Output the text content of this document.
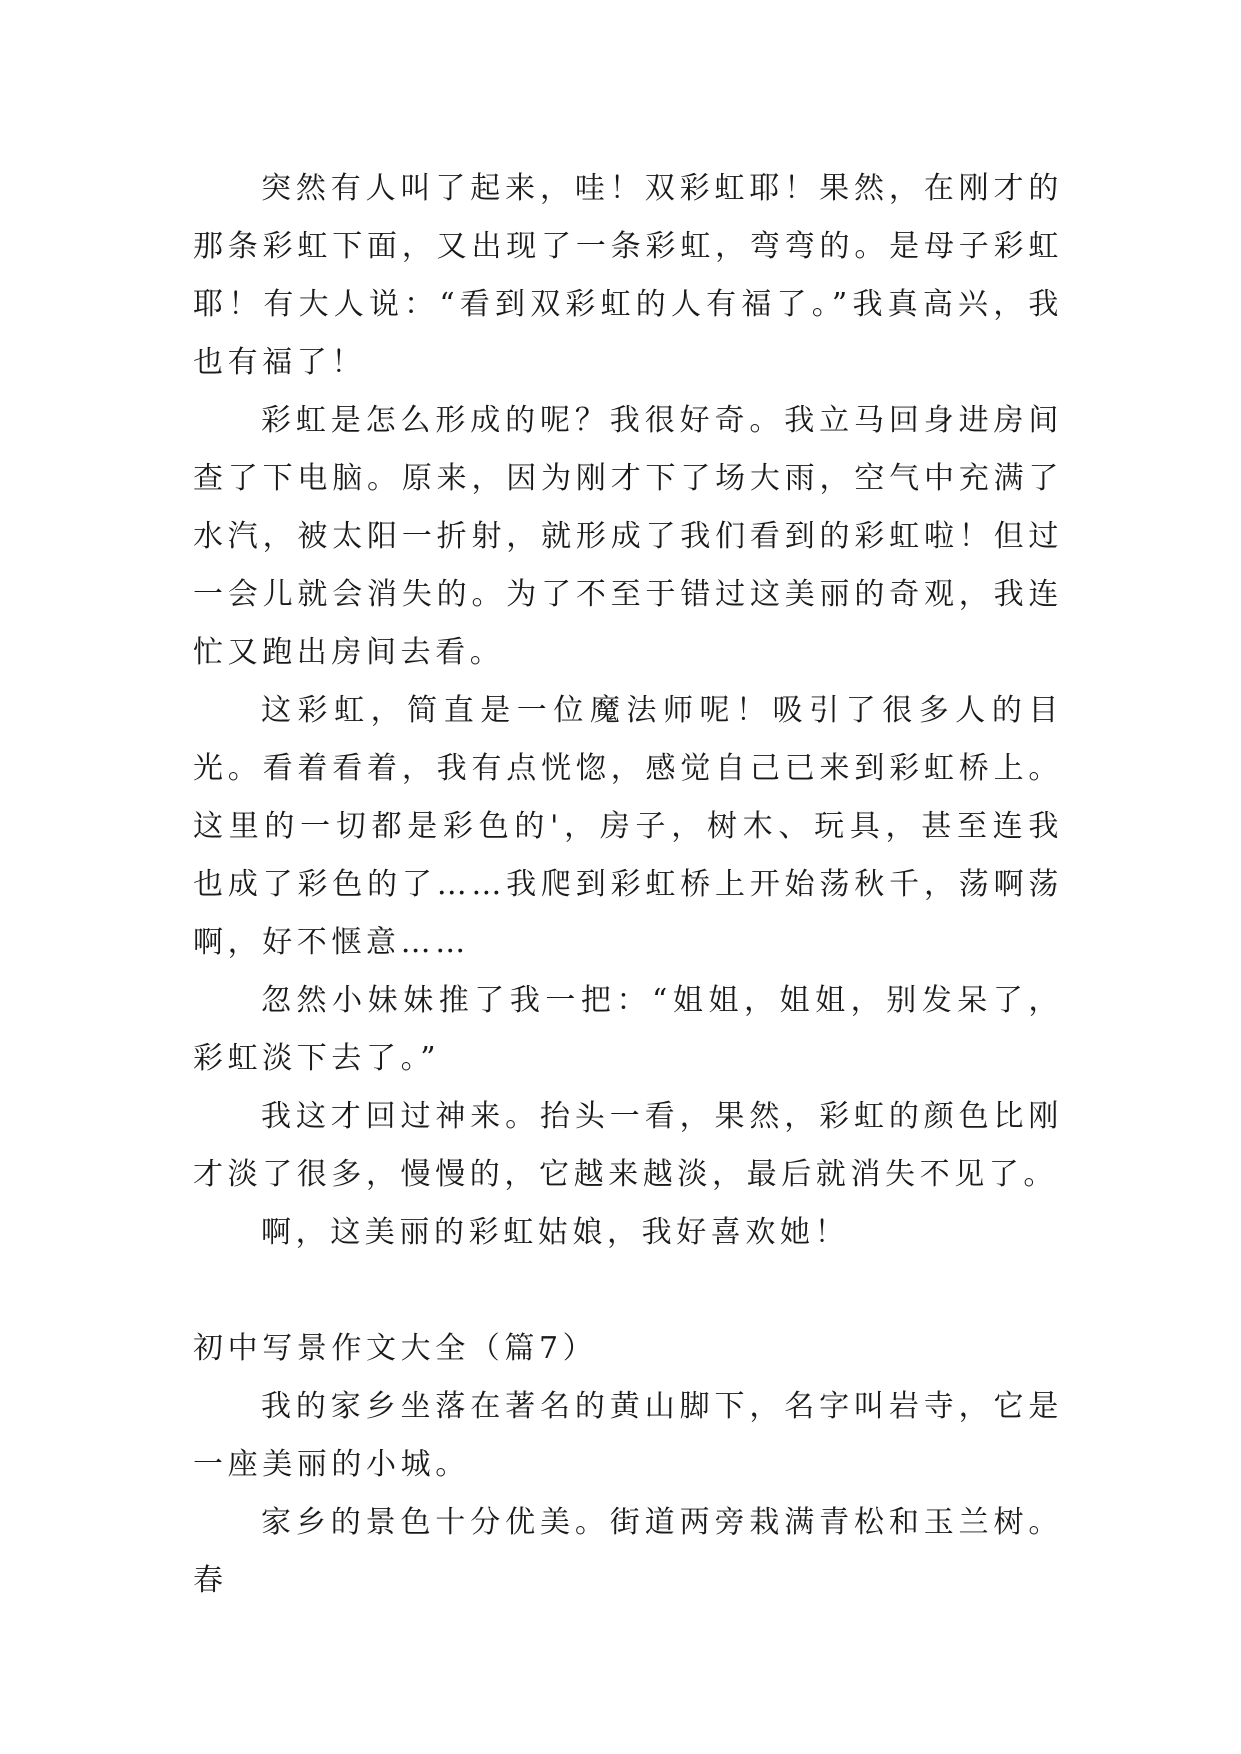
突然有人叫了起来，哇！双彩虹耶！果然，在刚才的那条彩虹下面，又出现了一条彩虹，弯弯的。是母子彩虹耶！有大人说：“看到双彩虹的人有福了。”我真高兴，我也有福了！

彩虹是怎么形成的呢？我很好奇。我立马回身进房间查了下电脑。原来，因为刚才下了场大雨，空气中充满了水汽，被太阳一折射，就形成了我们看到的彩虹啦！但过一会儿就会消失的。为了不至于错过这美丽的奇观，我连忙又跑出房间去看。

这彩虹，简直是一位魔法师呢！吸引了很多人的目光。看着看着，我有点恍惚，感觉自己已来到彩虹桥上。这里的一切都是彩色的'，房子，树木、玩具，甚至连我也成了彩色的了……我爬到彩虹桥上开始荡秋千，荡啊荡啊，好不惬意……

忽然小妹妹推了我一把：“姐姐，姐姐，别发呆了，彩虹淡下去了。”

我这才回过神来。抬头一看，果然，彩虹的颜色比刚才淡了很多，慢慢的，它越来越淡，最后就消失不见了。

啊，这美丽的彩虹姑娘，我好喜欢她！

初中写景作文大全（篇7）

我的家乡坐落在著名的黄山脚下，名字叫岩寺，它是一座美丽的小城。

家乡的景色十分优美。街道两旁栽满青松和玉兰树。春
